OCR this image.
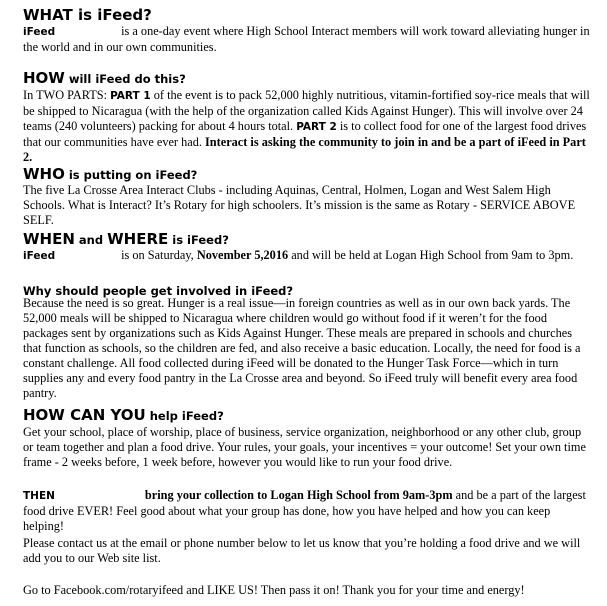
WHAT is iFeed?

iFeed	is a one-day event where High School Interact members will work toward alleviating hunger in the world and in our own communities.

HOW will iFeed do this?

In TWO PARTS: PART 1 of the event is to pack 52,000 highly nutritious, vitamin-fortified soy-rice meals that will be shipped to Nicaragua (with the help of the organization called Kids Against Hunger). This will involve over 24 teams (240 volunteers) packing for about 4 hours total. PART 2 is to collect food for one of the largest food drives that our communities have ever had. Interact is asking the community to join in and be a part of iFeed in Part 2.

WHO is putting on iFeed?

The five La Crosse Area Interact Clubs - including Aquinas, Central, Holmen, Logan and West Salem High Schools. What is Interact? It’s Rotary for high schoolers. It’s mission is the same as Rotary - SERVICE ABOVE SELF.

WHEN and WHERE is iFeed?

iFeed	is on Saturday, November 5,2016 and will be held at Logan High School from 9am to 3pm.

Why should people get involved in iFeed?

Because the need is so great. Hunger is a real issue—in foreign countries as well as in our own back yards. The 52,000 meals will be shipped to Nicaragua where children would go without food if it weren’t for the food packages sent by organizations such as Kids Against Hunger. These meals are prepared in schools and churches that function as schools, so the children are fed, and also receive a basic education. Locally, the need for food is a constant challenge. All food collected during iFeed will be donated to the Hunger Task Force—which in turn supplies any and every food pantry in the La Crosse area and beyond. So iFeed truly will benefit every area food pantry.

HOW CAN YOU help iFeed?

Get your school, place of worship, place of business, service organization, neighborhood or any other club, group or team together and plan a food drive. Your rules, your goals, your incentives = your outcome! Set your own time frame - 2 weeks before, 1 week before, however you would like to run your food drive.

THEN	bring your collection to Logan High School from 9am-3pm and be a part of the largest food drive EVER! Feel good about what your group has done, how you have helped and how you can keep helping!

Please contact us at the email or phone number below to let us know that you’re holding a food drive and we will add you to our Web site list.

Go to Facebook.com/rotaryifeed and LIKE US! Then pass it on! Thank you for your time and energy!
